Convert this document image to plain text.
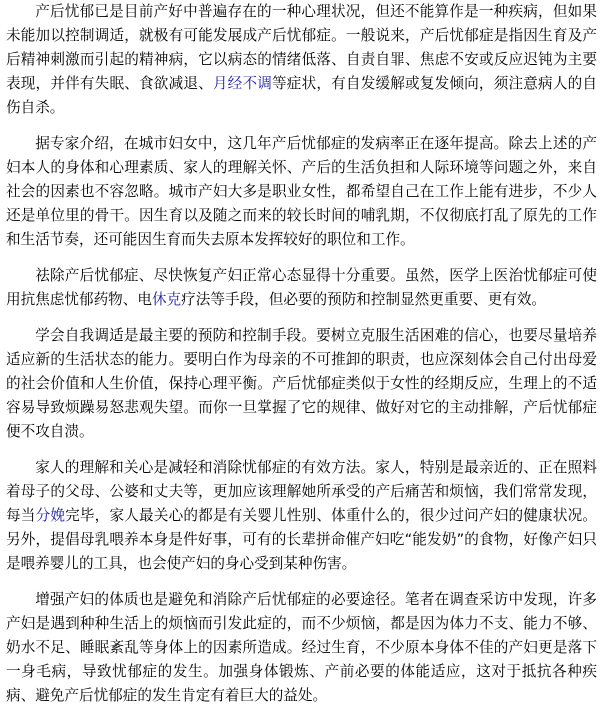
产后忧郁已是目前产好中普遍存在的一种心理状况，但还不能算作是一种疾病，但如果未能加以控制调适，就极有可能发展成产后忧郁症。一般说来，产后忧郁症是指因生育及产后精神刺激而引起的精神病，它以病态的情绪低落、自责自罪、焦虑不安或反应迟钝为主要表现，并伴有失眠、食欲减退、月经不调等症状，有自发缓解或复发倾向，须注意病人的自伤自杀。

据专家介绍，在城市妇女中，这几年产后忧郁症的发病率正在逐年提高。除去上述的产妇本人的身体和心理素质、家人的理解关怀、产后的生活负担和人际环境等问题之外，来自社会的因素也不容忽略。城市产妇大多是职业女性，都希望自己在工作上能有进步，不少人还是单位里的骨干。因生育以及随之而来的较长时间的哺乳期，不仅彻底打乱了原先的工作和生活节奏，还可能因生育而失去原本发挥较好的职位和工作。

祛除产后忧郁症、尽快恢复产妇正常心态显得十分重要。虽然，医学上医治忧郁症可使用抗焦虑忧郁药物、电休克疗法等手段，但必要的预防和控制显然更重要、更有效。

学会自我调适是最主要的预防和控制手段。要树立克服生活困难的信心，也要尽量培养适应新的生活状态的能力。要明白作为母亲的不可推卸的职责，也应深刻体会自己付出母爱的社会价值和人生价值，保持心理平衡。产后忧郁症类似于女性的经期反应，生理上的不适容易导致烦躁易怒悲观失望。而你一旦掌握了它的规律、做好对它的主动排解，产后忧郁症便不攻自溃。

家人的理解和关心是减轻和消除忧郁症的有效方法。家人，特别是最亲近的、正在照料着母子的父母、公婆和丈夫等，更加应该理解她所承受的产后痛苦和烦恼，我们常常发现，每当分娩完毕，家人最关心的都是有关婴儿性别、体重什么的，很少过问产妇的健康状况。另外，提倡母乳喂养本身是件好事，可有的长辈拼命催产妇吃“能发奶”的食物，好像产妇只是喂养婴儿的工具，也会使产妇的身心受到某种伤害。

增强产妇的体质也是避免和消除产后忧郁症的必要途径。笔者在调查采访中发现，许多产妇是遇到种种生活上的烦恼而引发此症的，而不少烦恼，都是因为体力不支、能力不够、奶水不足、睡眠紊乱等身体上的因素所造成。经过生育，不少原本身体不佳的产妇更是落下一身毛病，导致忧郁症的发生。加强身体锻炼、产前必要的体能适应，这对于抵抗各种疾病、避免产后忧郁症的发生肯定有着巨大的益处。
